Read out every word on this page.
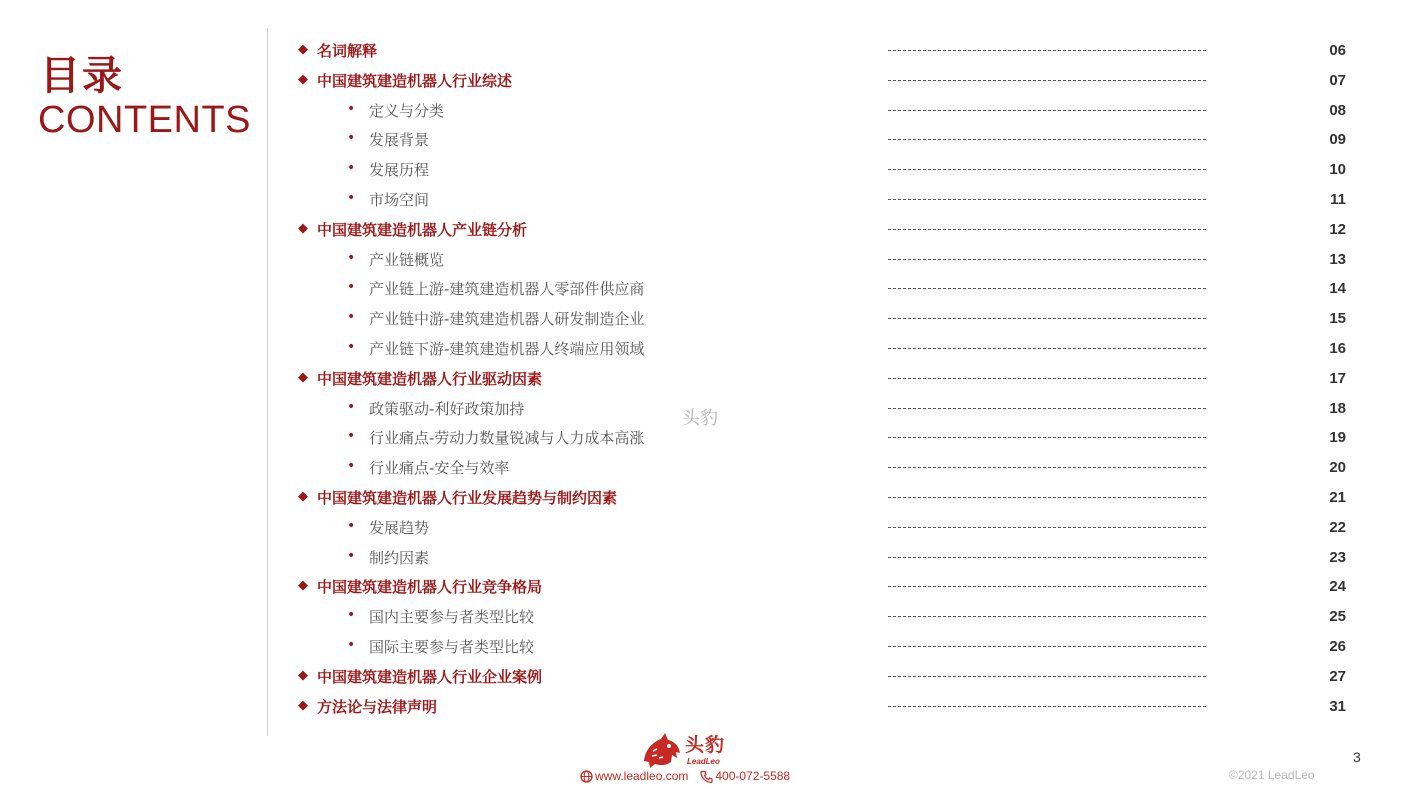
目录
CONTENTS
◆ 名词解释	06
◆ 中国建筑建造机器人行业综述	07
• 定义与分类	08
• 发展背景	09
• 发展历程	10
• 市场空间	11
◆ 中国建筑建造机器人产业链分析	12
• 产业链概览	13
• 产业链上游-建筑建造机器人零部件供应商	14
• 产业链中游-建筑建造机器人研发制造企业	15
• 产业链下游-建筑建造机器人终端应用领域	16
◆ 中国建筑建造机器人行业驱动因素	17
• 政策驱动-利好政策加持	18
• 行业痛点-劳动力数量锐减与人力成本高涨	19
• 行业痛点-安全与效率	20
◆ 中国建筑建造机器人行业发展趋势与制约因素	21
• 发展趋势	22
• 制约因素	23
◆ 中国建筑建造机器人行业竞争格局	24
• 国内主要参与者类型比较	25
• 国际主要参与者类型比较	26
◆ 中国建筑建造机器人行业企业案例	27
◆ 方法论与法律声明	31
头豹
头豹
LeadLeo
www.leadleo.com 400-072-5588
3
©2021 LeadLeo
